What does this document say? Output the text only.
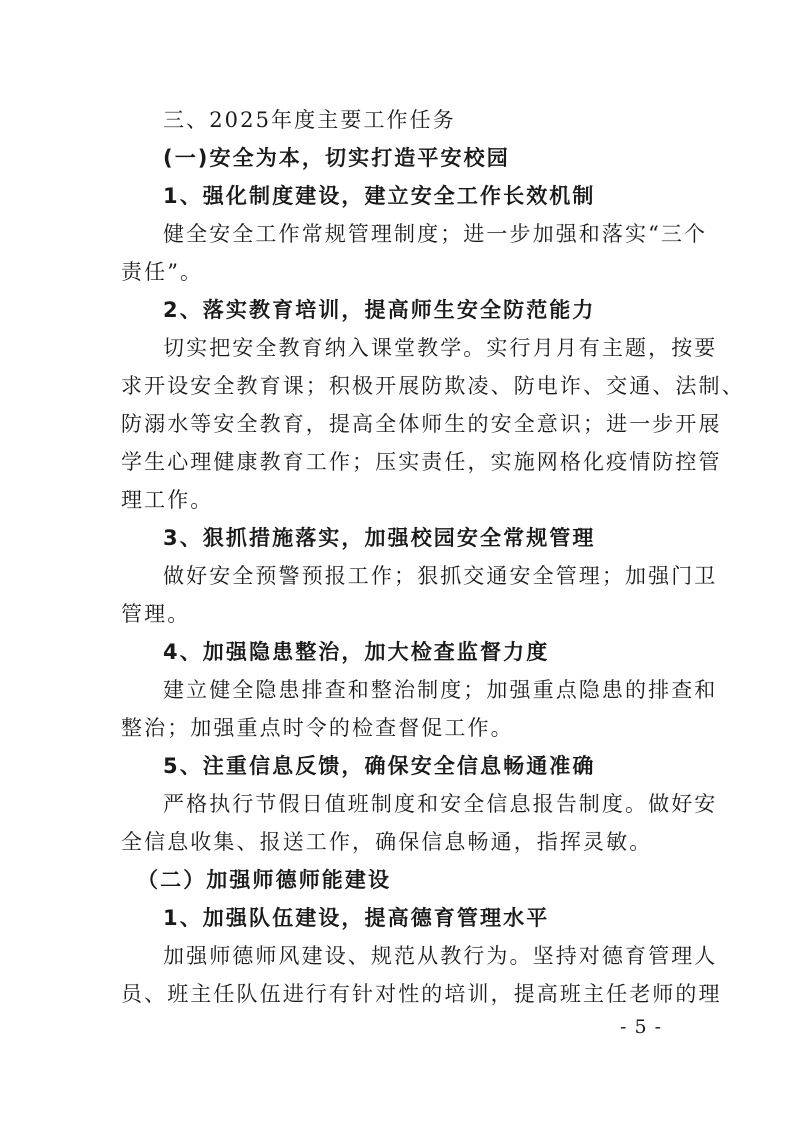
三、2025年度主要工作任务
(一)安全为本，切实打造平安校园
1、强化制度建设，建立安全工作长效机制
健全安全工作常规管理制度；进一步加强和落实“三个
责任”。
2、落实教育培训，提高师生安全防范能力
切实把安全教育纳入课堂教学。实行月月有主题，按要
求开设安全教育课；积极开展防欺凌、防电诈、交通、法制、
防溺水等安全教育，提高全体师生的安全意识；进一步开展
学生心理健康教育工作；压实责任，实施网格化疫情防控管
理工作。
3、狠抓措施落实，加强校园安全常规管理
做好安全预警预报工作；狠抓交通安全管理；加强门卫
管理。
4、加强隐患整治，加大检查监督力度
建立健全隐患排查和整治制度；加强重点隐患的排查和
整治；加强重点时令的检查督促工作。
5、注重信息反馈，确保安全信息畅通准确
严格执行节假日值班制度和安全信息报告制度。做好安
全信息收集、报送工作，确保信息畅通，指挥灵敏。
（二）加强师德师能建设
1、加强队伍建设，提高德育管理水平
加强师德师风建设、规范从教行为。坚持对德育管理人
员、班主任队伍进行有针对性的培训，提高班主任老师的理
- 5 -
